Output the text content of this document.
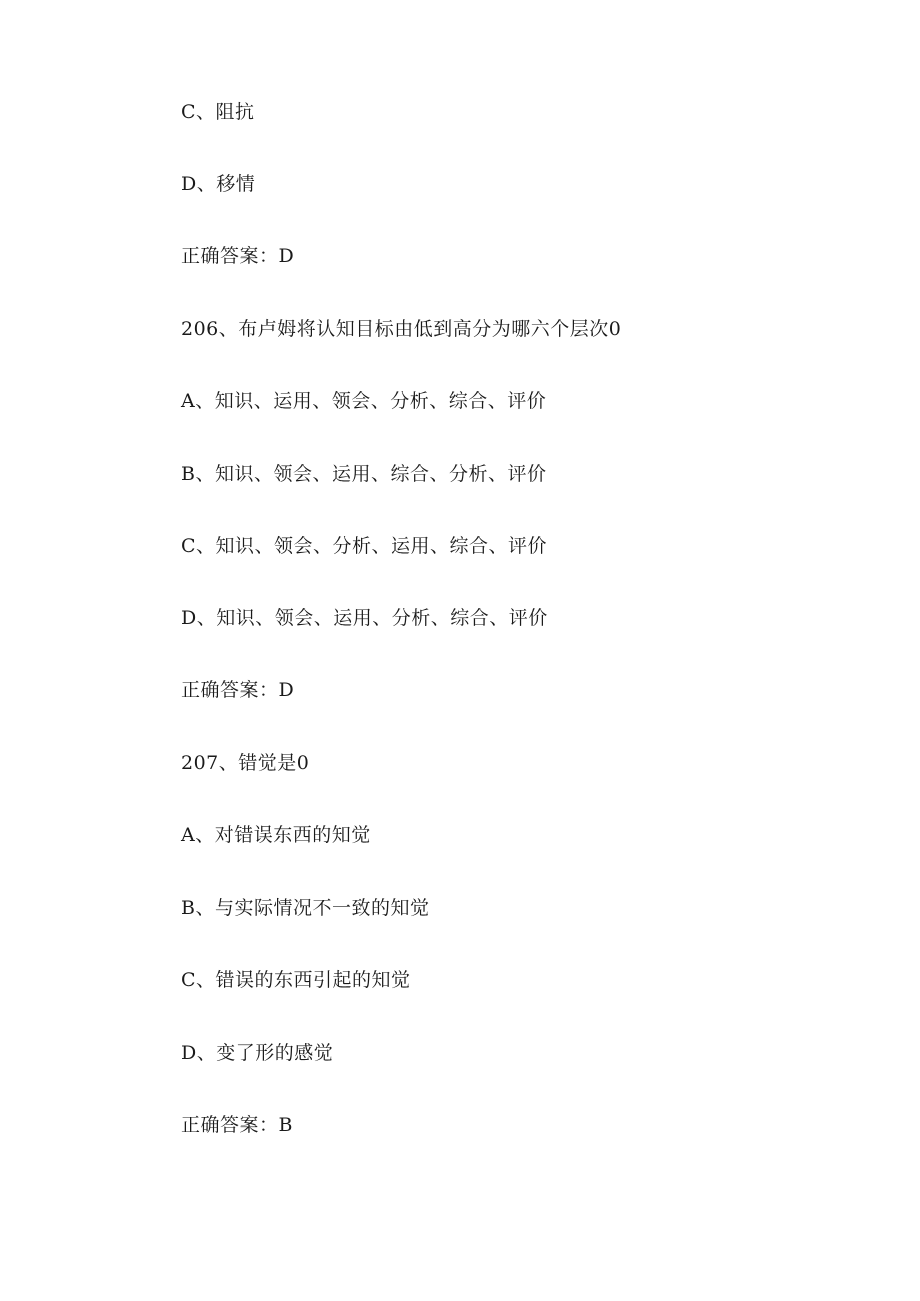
C、阻抗
D、移情
正确答案：D
206、布卢姆将认知目标由低到高分为哪六个层次0
A、知识、运用、领会、分析、综合、评价
B、知识、领会、运用、综合、分析、评价
C、知识、领会、分析、运用、综合、评价
D、知识、领会、运用、分析、综合、评价
正确答案：D
207、错觉是0
A、对错误东西的知觉
B、与实际情况不一致的知觉
C、错误的东西引起的知觉
D、变了形的感觉
正确答案：B
